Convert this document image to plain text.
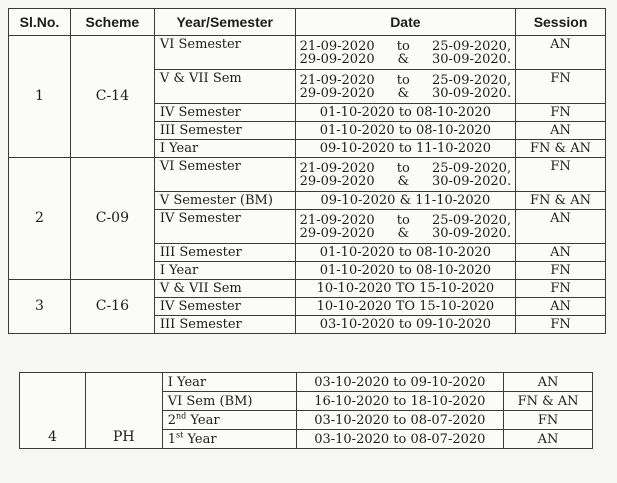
Sl.No.	Scheme	Year/Semester	Date	Session
1	C-14	VI Semester	21-09-2020 to 25-09-2020,
29-09-2020 & 30-09-2020.	AN
		V & VII Sem	21-09-2020 to 25-09-2020,
29-09-2020 & 30-09-2020.	FN
		IV Semester	01-10-2020 to 08-10-2020	FN
		III Semester	01-10-2020 to 08-10-2020	AN
		I Year	09-10-2020 to 11-10-2020	FN & AN
2	C-09	VI Semester	21-09-2020 to 25-09-2020,
29-09-2020 & 30-09-2020.	FN
		V Semester (BM)	09-10-2020 & 11-10-2020	FN & AN
		IV Semester	21-09-2020 to 25-09-2020,
29-09-2020 & 30-09-2020.	AN
		III Semester	01-10-2020 to 08-10-2020	AN
		I Year	01-10-2020 to 08-10-2020	FN
3	C-16	V & VII Sem	10-10-2020 TO 15-10-2020	FN
		IV Semester	10-10-2020 TO 15-10-2020	AN
		III Semester	03-10-2020 to 09-10-2020	FN
4	PH	I Year	03-10-2020 to 09-10-2020	AN
		VI Sem (BM)	16-10-2020 to 18-10-2020	FN & AN
		2nd Year	03-10-2020 to 08-07-2020	FN
		1st Year	03-10-2020 to 08-07-2020	AN
